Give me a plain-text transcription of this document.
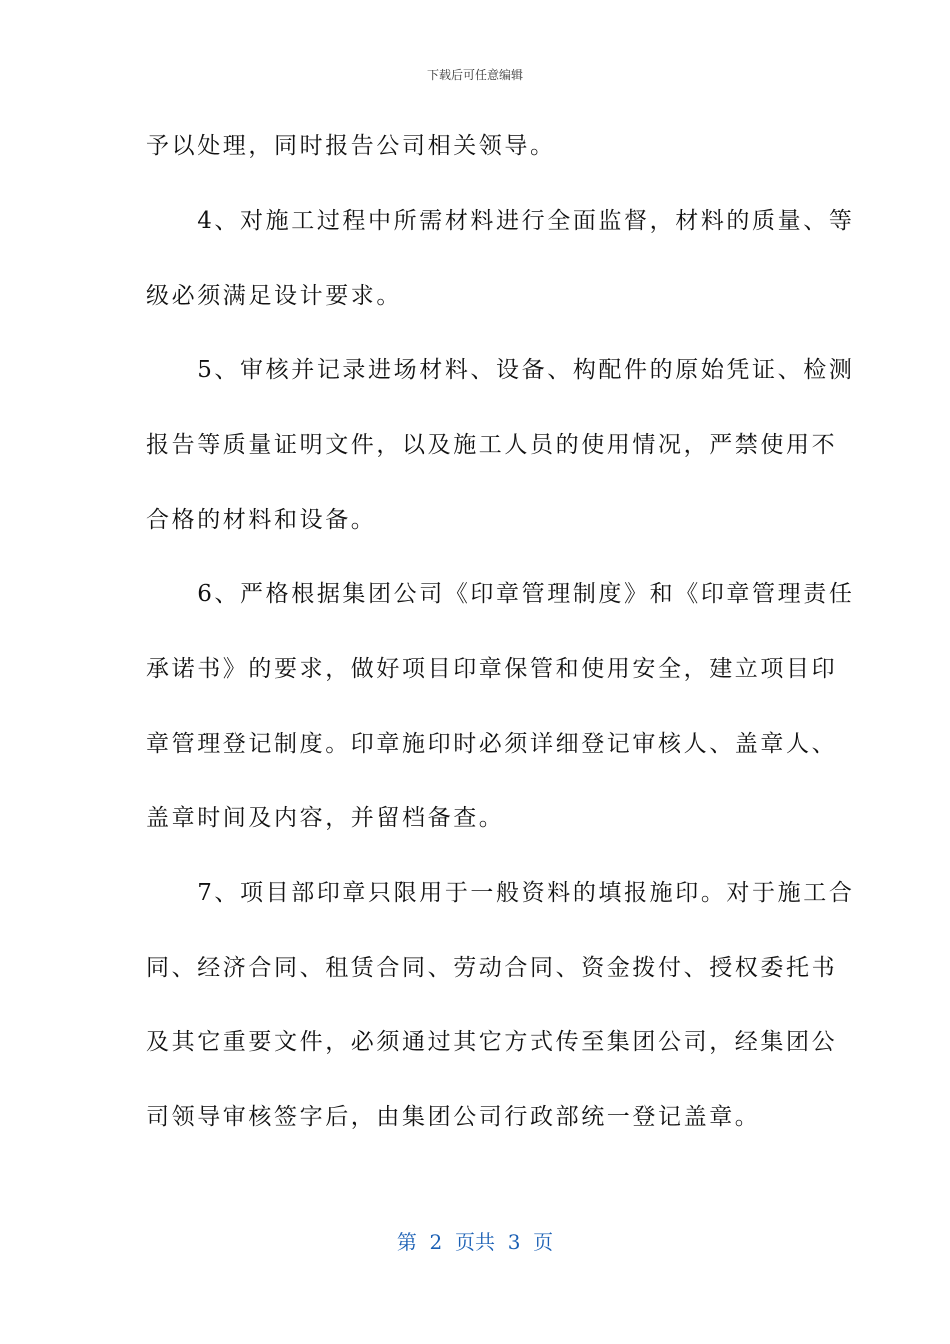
下载后可任意编辑
予以处理，同时报告公司相关领导。
　　4、对施工过程中所需材料进行全面监督，材料的质量、等
级必须满足设计要求。
　　5、审核并记录进场材料、设备、构配件的原始凭证、检测
报告等质量证明文件，以及施工人员的使用情况，严禁使用不
合格的材料和设备。
　　6、严格根据集团公司《印章管理制度》和《印章管理责任
承诺书》的要求，做好项目印章保管和使用安全，建立项目印
章管理登记制度。印章施印时必须详细登记审核人、盖章人、
盖章时间及内容，并留档备查。
　　7、项目部印章只限用于一般资料的填报施印。对于施工合
同、经济合同、租赁合同、劳动合同、资金拨付、授权委托书
及其它重要文件，必须通过其它方式传至集团公司，经集团公
司领导审核签字后，由集团公司行政部统一登记盖章。
第  2  页共  3  页
